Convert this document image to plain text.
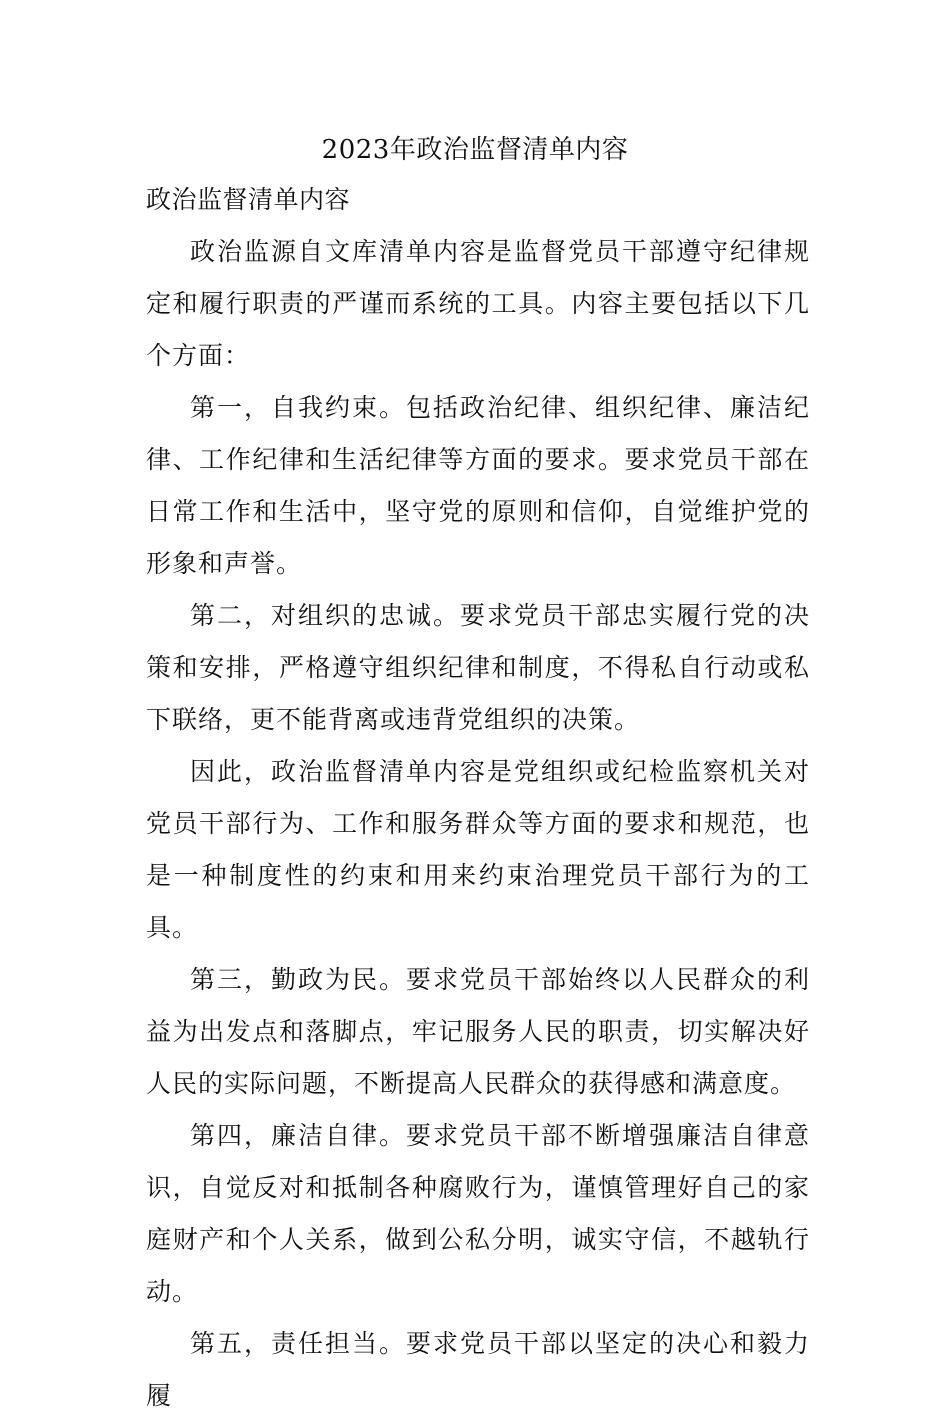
2023年政治监督清单内容
政治监督清单内容

政治监源自文库清单内容是监督党员干部遵守纪律规定和履行职责的严谨而系统的工具。内容主要包括以下几个方面：

第一，自我约束。包括政治纪律、组织纪律、廉洁纪律、工作纪律和生活纪律等方面的要求。要求党员干部在日常工作和生活中，坚守党的原则和信仰，自觉维护党的形象和声誉。

第二，对组织的忠诚。要求党员干部忠实履行党的决策和安排，严格遵守组织纪律和制度，不得私自行动或私下联络，更不能背离或违背党组织的决策。

因此，政治监督清单内容是党组织或纪检监察机关对党员干部行为、工作和服务群众等方面的要求和规范，也是一种制度性的约束和用来约束治理党员干部行为的工具。

第三，勤政为民。要求党员干部始终以人民群众的利益为出发点和落脚点，牢记服务人民的职责，切实解决好人民的实际问题，不断提高人民群众的获得感和满意度。

第四，廉洁自律。要求党员干部不断增强廉洁自律意识，自觉反对和抵制各种腐败行为，谨慎管理好自己的家庭财产和个人关系，做到公私分明，诚实守信，不越轨行动。

第五，责任担当。要求党员干部以坚定的决心和毅力履
